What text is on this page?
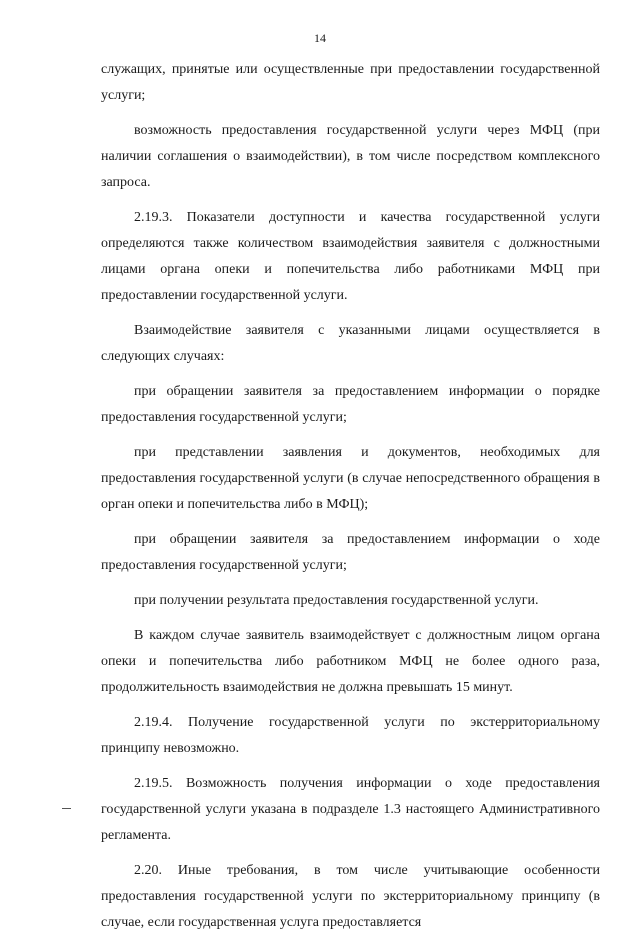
14

служащих, принятые или осуществленные при предоставлении государственной услуги;

возможность предоставления государственной услуги через МФЦ (при наличии соглашения о взаимодействии), в том числе посредством комплексного запроса.

2.19.3. Показатели доступности и качества государственной услуги определяются также количеством взаимодействия заявителя с должностными лицами органа опеки и попечительства либо работниками МФЦ при предоставлении государственной услуги.

Взаимодействие заявителя с указанными лицами осуществляется в следующих случаях:

при обращении заявителя за предоставлением информации о порядке предоставления государственной услуги;

при представлении заявления и документов, необходимых для предоставления государственной услуги (в случае непосредственного обращения в орган опеки и попечительства либо в МФЦ);

при обращении заявителя за предоставлением информации о ходе предоставления государственной услуги;

при получении результата предоставления государственной услуги.

В каждом случае заявитель взаимодействует с должностным лицом органа опеки и попечительства либо работником МФЦ не более одного раза, продолжительность взаимодействия не должна превышать 15 минут.

2.19.4. Получение государственной услуги по экстерриториальному принципу невозможно.

2.19.5. Возможность получения информации о ходе предоставления государственной услуги указана в подразделе 1.3 настоящего Административного регламента.

2.20. Иные требования, в том числе учитывающие особенности предоставления государственной услуги по экстерриториальному принципу (в случае, если государственная услуга предоставляется
